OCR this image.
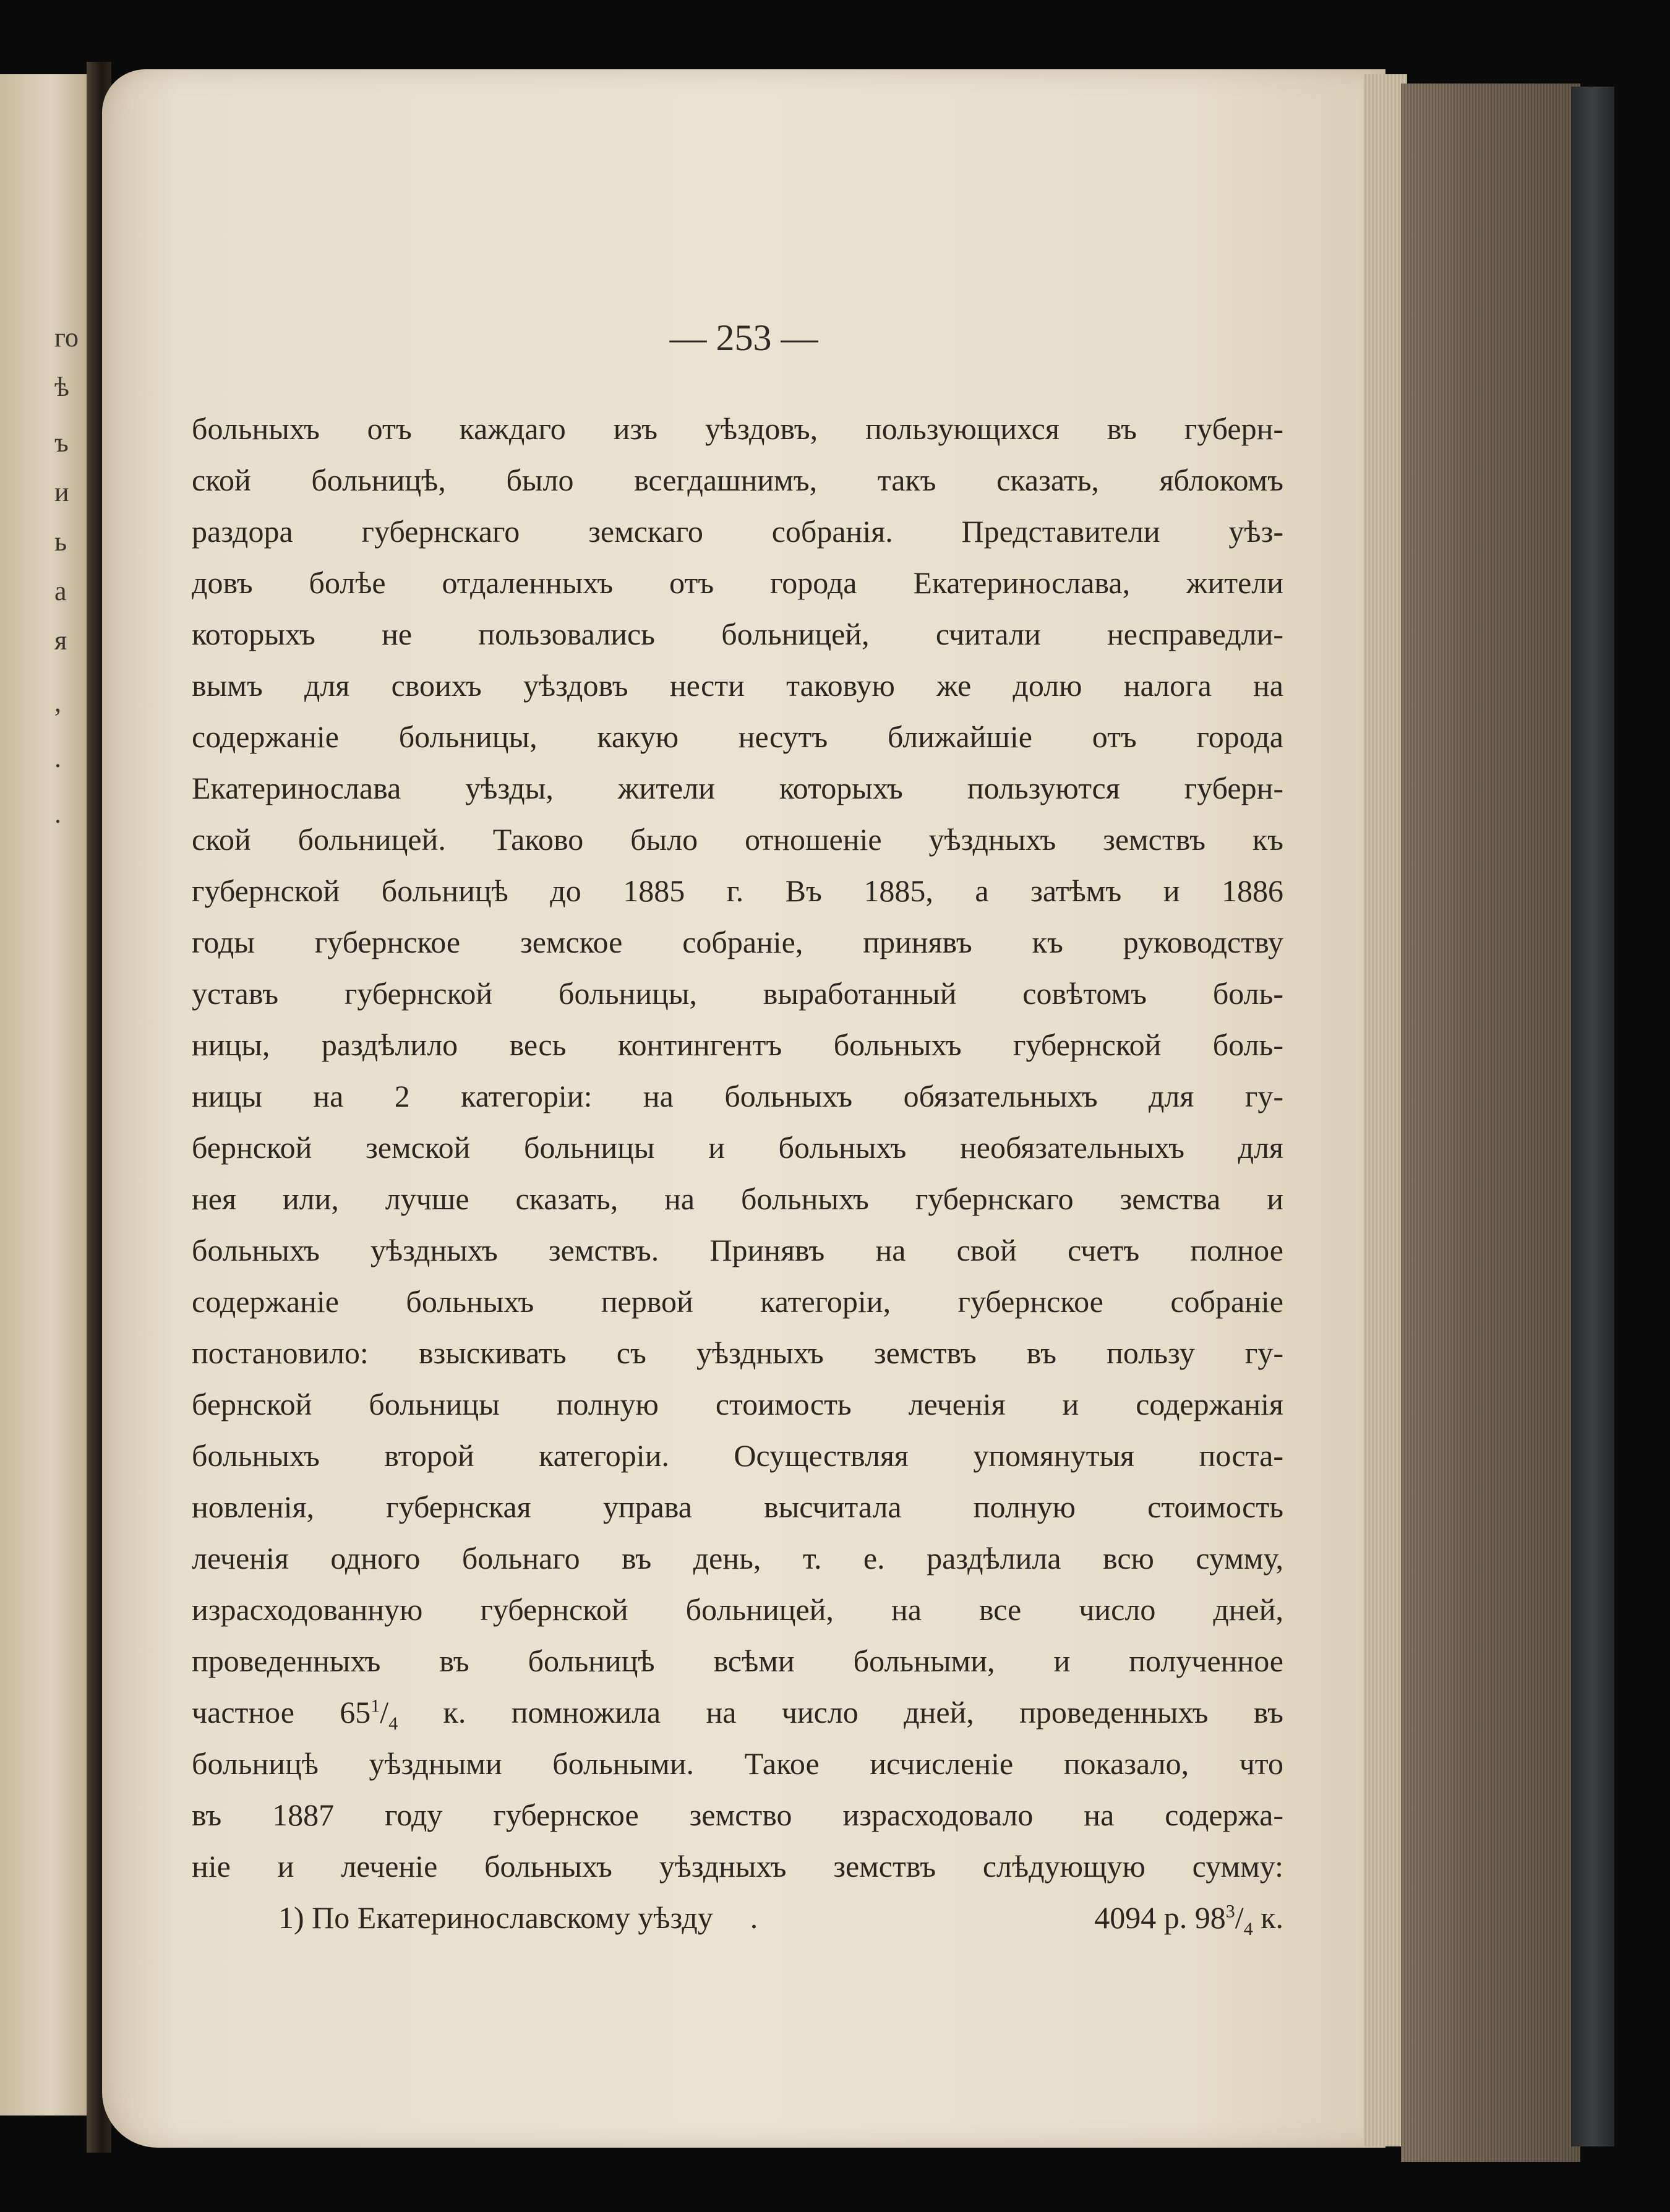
го
ѣ
ъ
и
ь
а
я
,
.
.
— 253 —
больныхъ отъ каждаго изъ уѣздовъ, пользующихся въ губерн-
ской больницѣ, было всегдашнимъ, такъ сказать, яблокомъ
раздора губернскаго земскаго собранія. Представители уѣз-
довъ болѣе отдаленныхъ отъ города Екатеринослава, жители
которыхъ не пользовались больницей, считали несправедли-
вымъ для своихъ уѣздовъ нести таковую же долю налога на
содержаніе больницы, какую несутъ ближайшіе отъ города
Екатеринослава уѣзды, жители которыхъ пользуются губерн-
ской больницей. Таково было отношеніе уѣздныхъ земствъ къ
губернской больницѣ до 1885 г. Въ 1885, а затѣмъ и 1886
годы губернское земское собраніе, принявъ къ руководству
уставъ губернской больницы, выработанный совѣтомъ боль-
ницы, раздѣлило весь контингентъ больныхъ губернской боль-
ницы на 2 категоріи: на больныхъ обязательныхъ для гу-
бернской земской больницы и больныхъ необязательныхъ для
нея или, лучше сказать, на больныхъ губернскаго земства и
больныхъ уѣздныхъ земствъ. Принявъ на свой счетъ полное
содержаніе больныхъ первой категоріи, губернское собраніе
постановило: взыскивать съ уѣздныхъ земствъ въ пользу гу-
бернской больницы полную стоимость леченія и содержанія
больныхъ второй категоріи. Осуществляя упомянутыя поста-
новленія, губернская управа высчитала полную стоимость
леченія одного больнаго въ день, т. е. раздѣлила всю сумму,
израсходованную губернской больницей, на все число дней,
проведенныхъ въ больницѣ всѣми больными, и полученное
частное $65^1/_4$ к. помножила на число дней, проведенныхъ въ
больницѣ уѣздными больными. Такое исчисленіе показало, что
въ 1887 году губернское земство израсходовало на содержа-
ніе и леченіе больныхъ уѣздныхъ земствъ слѣдующую сумму:
1) По Екатеринославскому уѣзду .	4094 р. $98^3/_4$ к.
